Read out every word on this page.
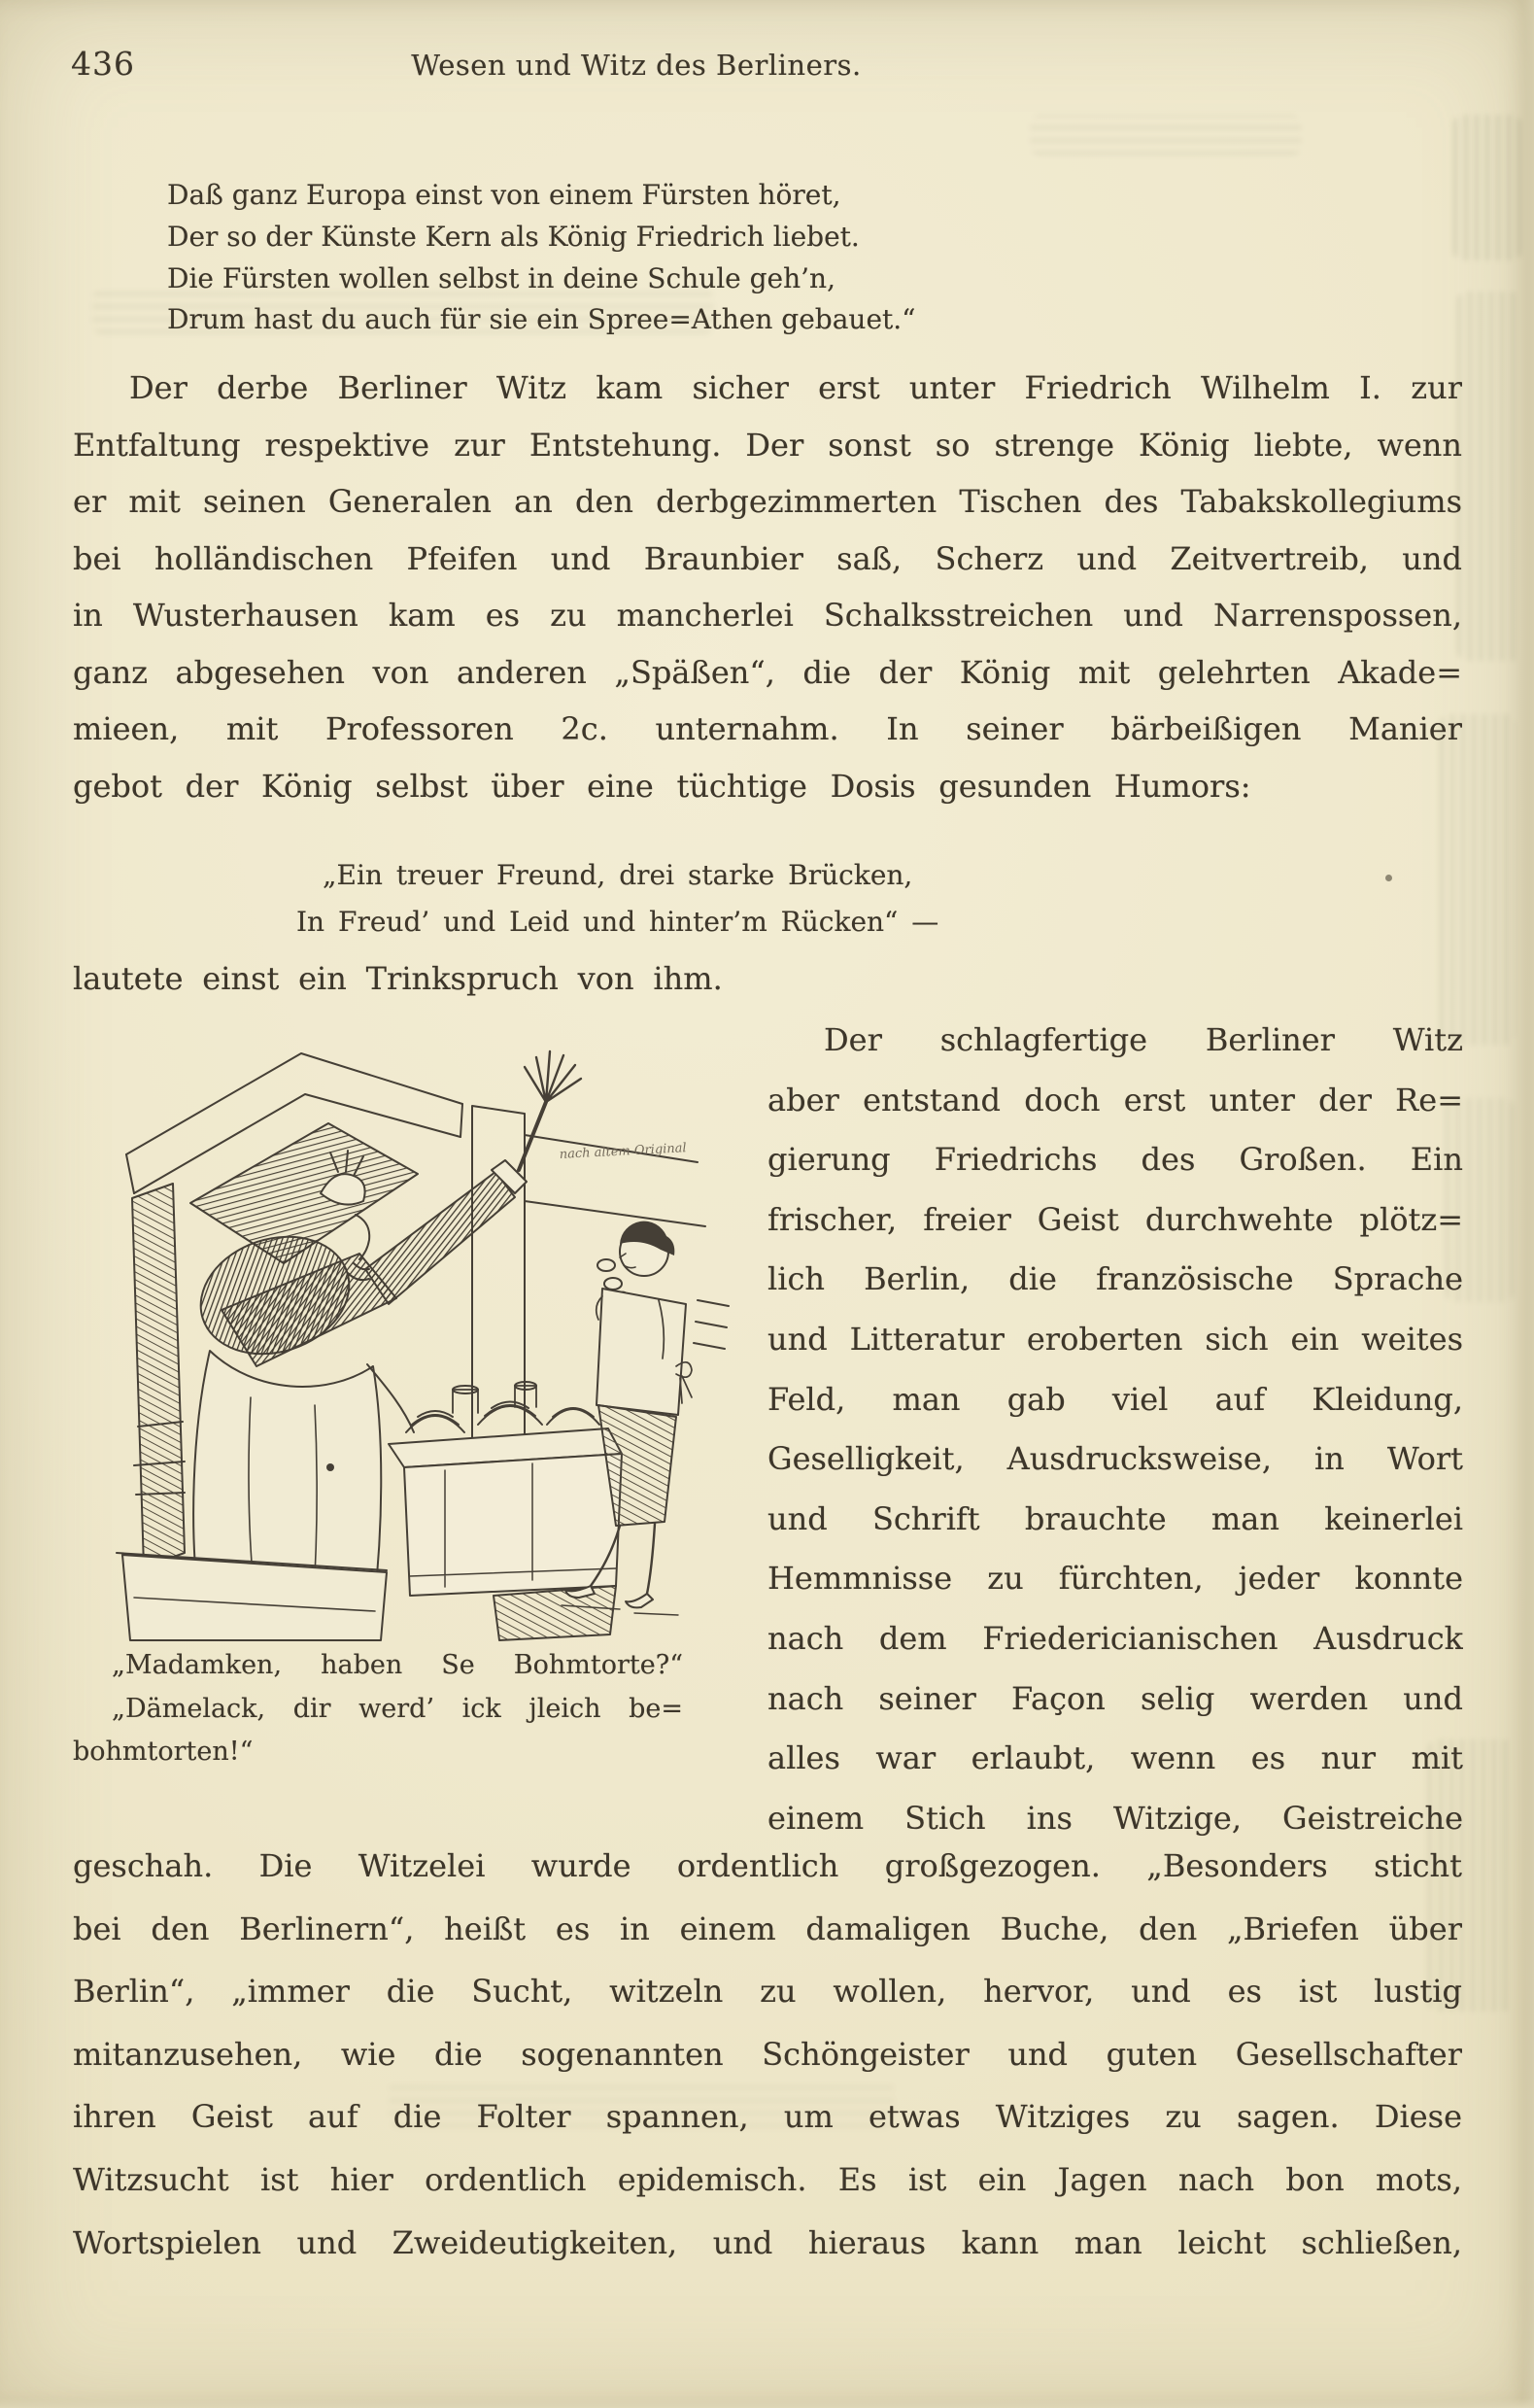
436	Wesen und Witz des Berliners.
Daß ganz Europa einst von einem Fürsten höret,
Der so der Künste Kern als König Friedrich liebet.
Die Fürsten wollen selbst in deine Schule geh’n,
Drum hast du auch für sie ein Spree=Athen gebauet.“
Der derbe Berliner Witz kam sicher erst unter Friedrich Wilhelm I. zur
Entfaltung respektive zur Entstehung. Der sonst so strenge König liebte, wenn
er mit seinen Generalen an den derbgezimmerten Tischen des Tabakskollegiums
bei holländischen Pfeifen und Braunbier saß, Scherz und Zeitvertreib, und
in Wusterhausen kam es zu mancherlei Schalksstreichen und Narrenspossen,
ganz abgesehen von anderen „Späßen“, die der König mit gelehrten Akade=
mieen, mit Professoren 2c. unternahm. In seiner bärbeißigen Manier
gebot der König selbst über eine tüchtige Dosis gesunden Humors:
„Ein treuer Freund, drei starke Brücken,
In Freud’ und Leid und hinter’m Rücken“ —
lautete einst ein Trinkspruch von ihm.
nach altem Original
„Madamken, haben Se Bohmtorte?“
„Dämelack, dir werd’ ick jleich be=
bohmtorten!“
Der schlagfertige Berliner Witz
aber entstand doch erst unter der Re=
gierung Friedrichs des Großen. Ein
frischer, freier Geist durchwehte plötz=
lich Berlin, die französische Sprache
und Litteratur eroberten sich ein weites
Feld, man gab viel auf Kleidung,
Geselligkeit, Ausdrucksweise, in Wort
und Schrift brauchte man keinerlei
Hemmnisse zu fürchten, jeder konnte
nach dem Friedericianischen Ausdruck
nach seiner Façon selig werden und
alles war erlaubt, wenn es nur mit
einem Stich ins Witzige, Geistreiche
geschah. Die Witzelei wurde ordentlich großgezogen. „Besonders sticht
bei den Berlinern“, heißt es in einem damaligen Buche, den „Briefen über
Berlin“, „immer die Sucht, witzeln zu wollen, hervor, und es ist lustig
mitanzusehen, wie die sogenannten Schöngeister und guten Gesellschafter
ihren Geist auf die Folter spannen, um etwas Witziges zu sagen. Diese
Witzsucht ist hier ordentlich epidemisch. Es ist ein Jagen nach bon mots,
Wortspielen und Zweideutigkeiten, und hieraus kann man leicht schließen,
